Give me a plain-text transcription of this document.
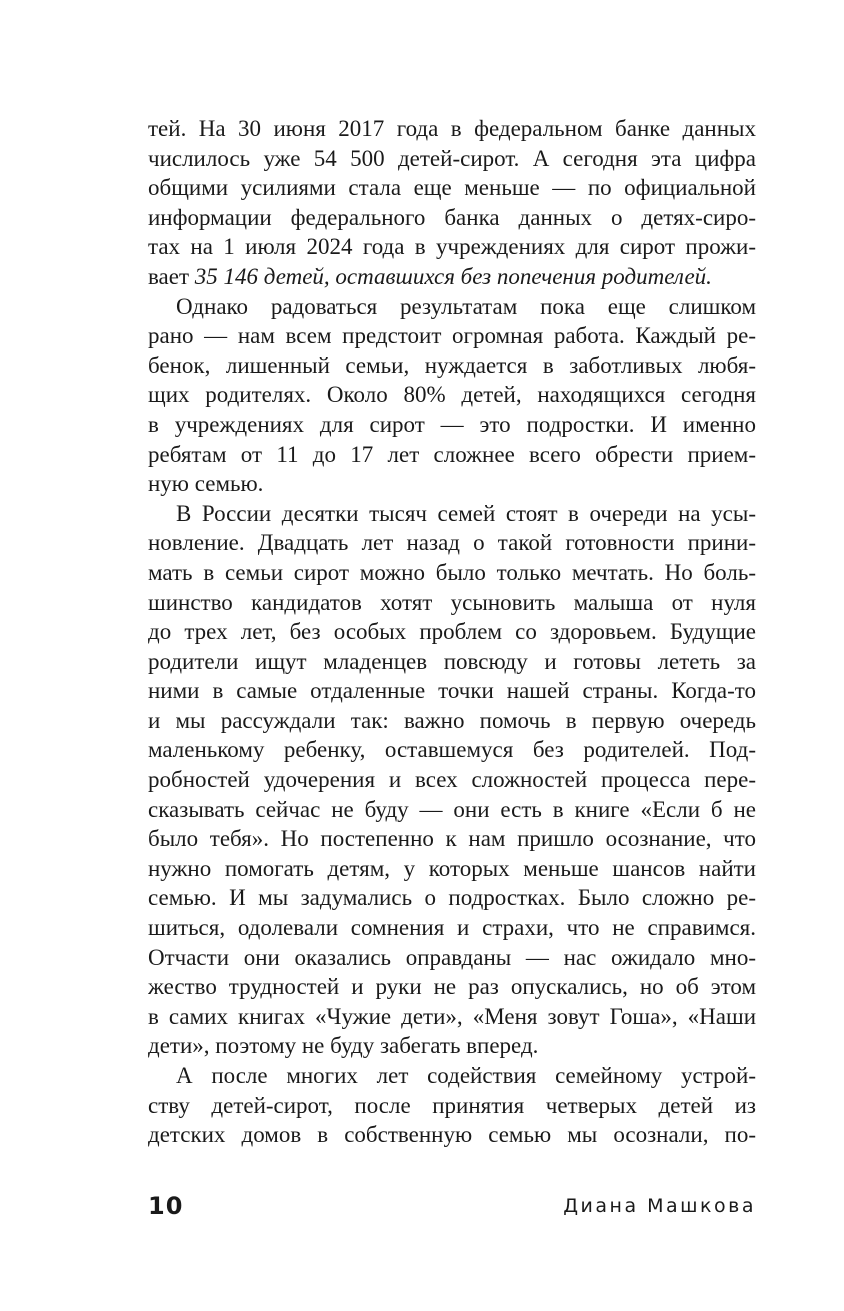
тей. На 30 июня 2017 года в федеральном банке данных
числилось уже 54 500 детей-сирот. А сегодня эта цифра
общими усилиями стала еще меньше — по официальной
информации федерального банка данных о детях-сиро-
тах на 1 июля 2024 года в учреждениях для сирот прожи-
вает 35 146 детей, оставшихся без попечения родителей.
Однако радоваться результатам пока еще слишком
рано — нам всем предстоит огромная работа. Каждый ре-
бенок, лишенный семьи, нуждается в заботливых любя-
щих родителях. Около 80% детей, находящихся сегодня
в учреждениях для сирот — это подростки. И именно
ребятам от 11 до 17 лет сложнее всего обрести прием-
ную семью.
В России десятки тысяч семей стоят в очереди на усы-
новление. Двадцать лет назад о такой готовности прини-
мать в семьи сирот можно было только мечтать. Но боль-
шинство кандидатов хотят усыновить малыша от нуля
до трех лет, без особых проблем со здоровьем. Будущие
родители ищут младенцев повсюду и готовы лететь за
ними в самые отдаленные точки нашей страны. Когда-то
и мы рассуждали так: важно помочь в первую очередь
маленькому ребенку, оставшемуся без родителей. Под-
робностей удочерения и всех сложностей процесса пере-
сказывать сейчас не буду — они есть в книге «Если б не
было тебя». Но постепенно к нам пришло осознание, что
нужно помогать детям, у которых меньше шансов найти
семью. И мы задумались о подростках. Было сложно ре-
шиться, одолевали сомнения и страхи, что не справимся.
Отчасти они оказались оправданы — нас ожидало мно-
жество трудностей и руки не раз опускались, но об этом
в самих книгах «Чужие дети», «Меня зовут Гоша», «Наши
дети», поэтому не буду забегать вперед.
А после многих лет содействия семейному устрой-
ству детей-сирот, после принятия четверых детей из
детских домов в собственную семью мы осознали, по-
10	Диана Машкова
